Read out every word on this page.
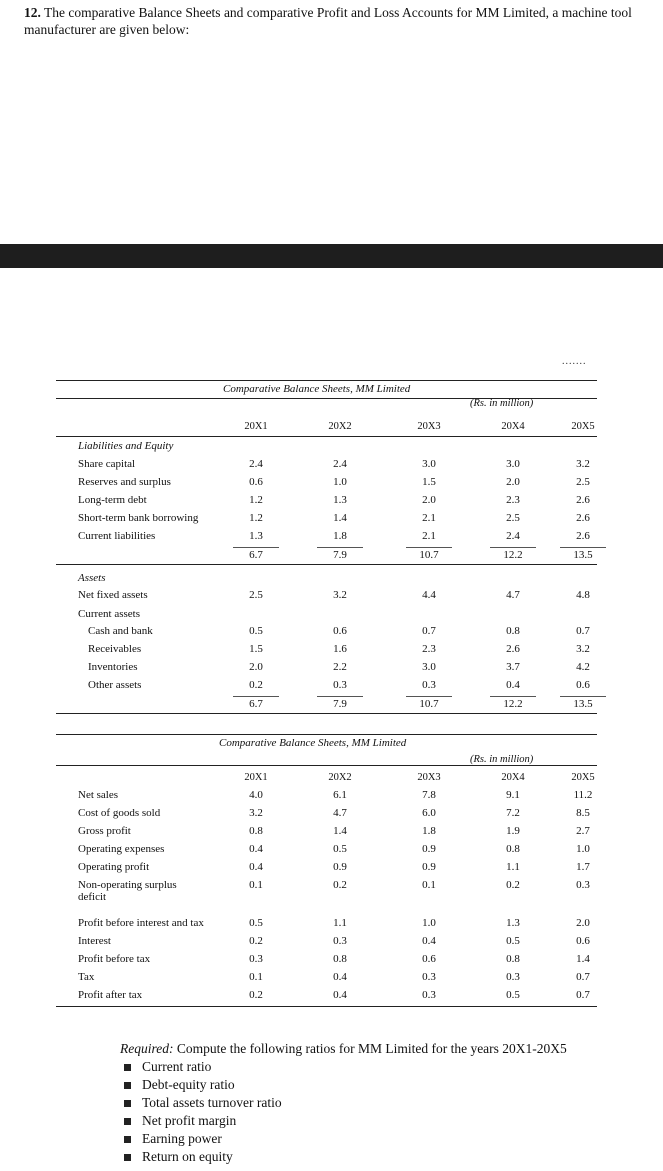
12. The comparative Balance Sheets and comparative Profit and Loss Accounts for MM Limited, a machine tool manufacturer are given below:
.......
Comparative Balance Sheets, MM Limited
(Rs. in million)
20X1	20X2	20X3	20X4	20X5
Liabilities and Equity
Share capital	2.4	2.4	3.0	3.0	3.2
Reserves and surplus	0.6	1.0	1.5	2.0	2.5
Long-term debt	1.2	1.3	2.0	2.3	2.6
Short-term bank borrowing	1.2	1.4	2.1	2.5	2.6
Current liabilities	1.3	1.8	2.1	2.4	2.6
6.7	7.9	10.7	12.2	13.5
Assets
Net fixed assets	2.5	3.2	4.4	4.7	4.8
Current assets
Cash and bank	0.5	0.6	0.7	0.8	0.7
Receivables	1.5	1.6	2.3	2.6	3.2
Inventories	2.0	2.2	3.0	3.7	4.2
Other assets	0.2	0.3	0.3	0.4	0.6
6.7	7.9	10.7	12.2	13.5
Comparative Balance Sheets, MM Limited
(Rs. in million)
20X1	20X2	20X3	20X4	20X5
Net sales	4.0	6.1	7.8	9.1	11.2
Cost of goods sold	3.2	4.7	6.0	7.2	8.5
Gross profit	0.8	1.4	1.8	1.9	2.7
Operating expenses	0.4	0.5	0.9	0.8	1.0
Operating profit	0.4	0.9	0.9	1.1	1.7
Non-operating surplus
deficit
0.1	0.2	0.1	0.2	0.3
Profit before interest and tax	0.5	1.1	1.0	1.3	2.0
Interest	0.2	0.3	0.4	0.5	0.6
Profit before tax	0.3	0.8	0.6	0.8	1.4
Tax	0.1	0.4	0.3	0.3	0.7
Profit after tax	0.2	0.4	0.3	0.5	0.7
Required: Compute the following ratios for MM Limited for the years 20X1-20X5
Current ratio
Debt-equity ratio
Total assets turnover ratio
Net profit margin
Earning power
Return on equity
